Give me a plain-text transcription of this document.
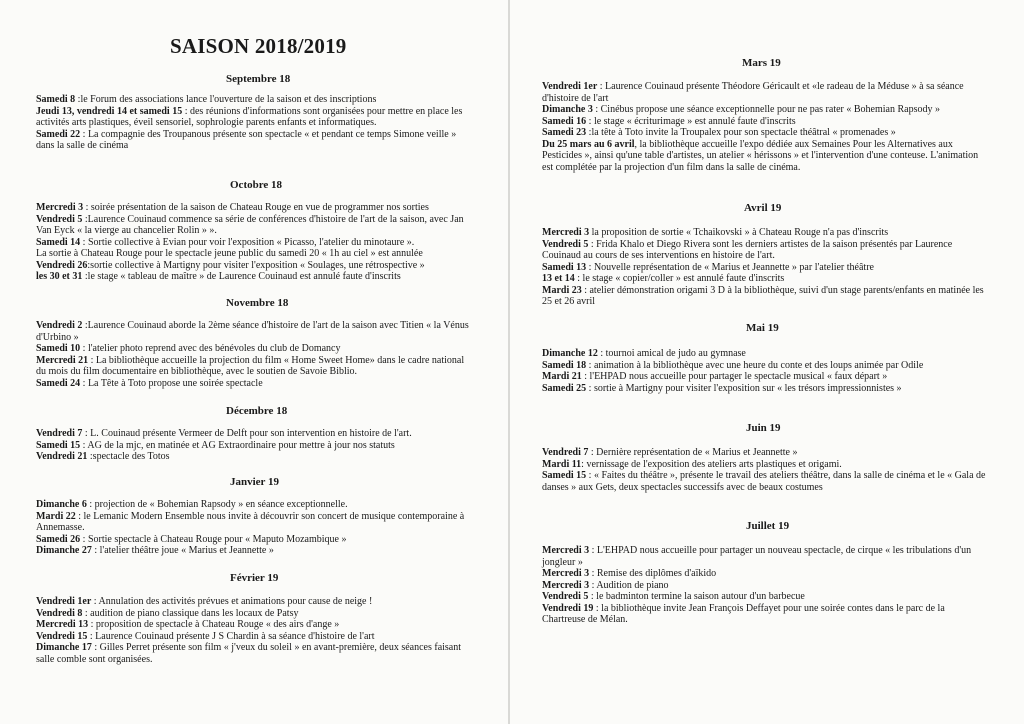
SAISON 2018/2019
Septembre 18

Samedi 8 :le Forum des associations lance l'ouverture de la saison et des inscriptions

Jeudi 13, vendredi 14 et samedi 15 : des réunions d'informations sont organisées pour mettre en place les activités arts plastiques, éveil sensoriel, sophrologie parents enfants et informatiques.

Samedi 22 : La compagnie des Troupanous présente son spectacle « et pendant ce temps Simone veille » dans la salle de cinéma

Octobre 18

Mercredi 3 : soirée présentation de la saison de Chateau Rouge en vue de programmer nos sorties

Vendredi 5 :Laurence Couinaud commence sa série de conférences d'histoire de l'art de la saison, avec Jan Van Eyck « la vierge au chancelier Rolin » ».

Samedi 14 : Sortie collective à Evian pour voir l'exposition « Picasso, l'atelier du minotaure ».

La sortie à Chateau Rouge pour le spectacle jeune public du samedi 20 « 1h au ciel » est annulée

Vendredi 26:sortie collective à Martigny pour visiter l'exposition « Soulages, une rétrospective »

les 30 et 31 :le stage « tableau de maître » de Laurence Couinaud est annulé faute d'inscrits

Novembre 18

Vendredi 2 :Laurence Couinaud aborde la 2ème séance d'histoire de l'art de la saison avec Titien « la Vénus d'Urbino »

Samedi 10 : l'atelier photo reprend avec des bénévoles du club de Domancy

Mercredi 21 : La bibliothèque accueille la projection du film « Home Sweet Home» dans le cadre national du mois du film documentaire en bibliothèque, avec le soutien de Savoie Biblio.

Samedi 24 : La Tête à Toto propose une soirée spectacle

Décembre 18

Vendredi 7 : L. Couinaud présente Vermeer de Delft pour son intervention en histoire de l'art.

Samedi 15 : AG de la mjc, en matinée et AG Extraordinaire pour mettre à jour nos statuts

Vendredi 21 :spectacle des Totos

Janvier 19

Dimanche 6 : projection de « Bohemian Rapsody » en séance exceptionnelle.

Mardi 22 : le Lemanic Modern Ensemble nous invite à découvrir son concert de musique contemporaine à Annemasse.

Samedi 26 : Sortie spectacle à Chateau Rouge pour « Maputo Mozambique »

Dimanche 27 : l'atelier théâtre joue « Marius et Jeannette »

Février 19

Vendredi 1er : Annulation des activités prévues et animations pour cause de neige !

Vendredi 8 : audition de piano classique dans les locaux de Patsy

Mercredi 13 : proposition de spectacle à Chateau Rouge « des airs d'ange »

Vendredi 15 : Laurence Couinaud présente J S Chardin à sa séance d'histoire de l'art

Dimanche 17 : Gilles Perret présente son film « j'veux du soleil » en avant-première, deux séances faisant salle comble sont organisées.

Mars 19

Vendredi 1er : Laurence Couinaud présente Théodore Géricault et «le radeau de la Méduse » à sa séance d'histoire de l'art

Dimanche 3 : Cinébus propose une séance exceptionnelle pour ne pas rater « Bohemian Rapsody »

Samedi 16 : le stage « écriturimage » est annulé faute d'inscrits

Samedi 23 :la tête à Toto invite la Troupalex pour son spectacle théâtral « promenades »

Du 25 mars au 6 avril, la bibliothèque accueille l'expo dédiée aux Semaines Pour les Alternatives aux Pesticides », ainsi qu'une table d'artistes, un atelier « hérissons » et l'intervention d'une conteuse. L'animation est complétée par la projection d'un film dans la salle de cinéma.

Avril 19

Mercredi 3 la proposition de sortie « Tchaikovski » à Chateau Rouge n'a pas d'inscrits

Vendredi 5 : Frida Khalo et Diego Rivera sont les derniers artistes de la saison présentés par Laurence Couinaud au cours de ses interventions en histoire de l'art.

Samedi 13 : Nouvelle représentation de « Marius et Jeannette » par l'atelier théâtre

13 et 14 : le stage « copier/coller » est annulé faute d'inscrits

Mardi 23 : atelier démonstration origami 3 D à la bibliothèque, suivi d'un stage parents/enfants en matinée les 25 et 26 avril

Mai 19

Dimanche 12 : tournoi amical de judo au gymnase

Samedi 18 : animation à la bibliothèque avec une heure du conte et des loups animée par Odile

Mardi 21 : l'EHPAD nous accueille pour partager le spectacle musical « faux départ »

Samedi 25 : sortie à Martigny pour visiter l'exposition sur « les trésors impressionnistes »

Juin 19

Vendredi 7 : Dernière représentation de « Marius et Jeannette »

Mardi 11: vernissage de l'exposition des ateliers arts plastiques et origami.

Samedi 15 : « Faites du théâtre », présente le travail des ateliers théâtre, dans la salle de cinéma et le « Gala de danses » aux Gets, deux spectacles successifs avec de beaux costumes

Juillet 19

Mercredi 3 : L'EHPAD nous accueille pour partager un nouveau spectacle, de cirque « les tribulations d'un jongleur »

Mercredi 3 : Remise des diplômes d'aïkido

Mercredi 3 : Audition de piano

Vendredi 5 : le badminton termine la saison autour d'un barbecue

Vendredi 19 : la bibliothèque invite Jean François Deffayet pour une soirée contes dans le parc de la Chartreuse de Mélan.
